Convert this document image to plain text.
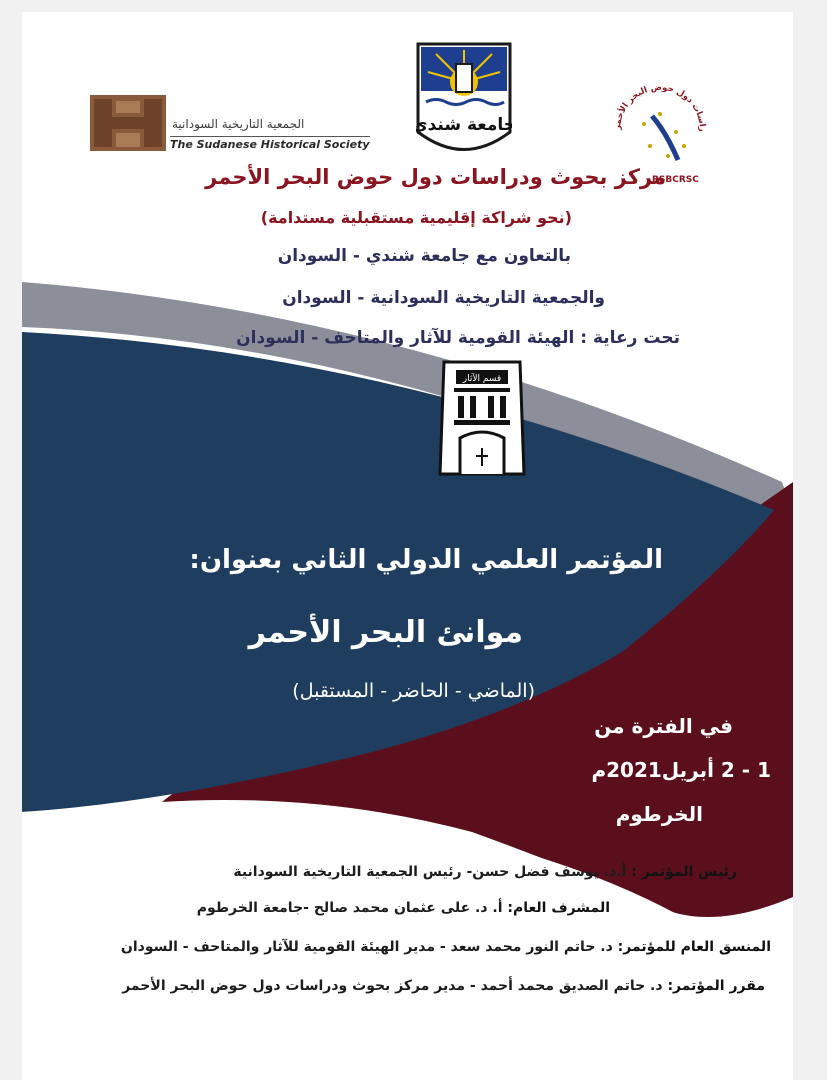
الجمعية التاريخية السودانية
The Sudanese Historical Society
جامعة شندي	راسات دول حوض البحر الأحمر
RSBCRSC
مركز بحوث ودراسات دول حوض البحر الأحمر
(نحو شراكة إقليمية مستقبلية مستدامة)
بالتعاون مع جامعة شندي - السودان
والجمعية التاريخية السودانية - السودان
تحت رعاية : الهيئة القومية للآثار والمتاحف - السودان
قسم الآثار
المؤتمر العلمي الدولي الثاني بعنوان:
موانئ البحر الأحمر
(الماضي - الحاضر - المستقبل)
في الفترة من
1 - 2 أبريل2021م
الخرطوم
رئيس المؤتمر : أ.د. يوسف فضل حسن- رئيس الجمعية التاريخية السودانية
المشرف العام: أ. د. على عثمان محمد صالح -جامعة الخرطوم
المنسق العام للمؤتمر: د. حاتم النور محمد سعد - مدير الهيئة القومية للآثار والمتاحف - السودان
مقرر المؤتمر: د. حاتم الصديق محمد أحمد - مدير مركز بحوث ودراسات دول حوض البحر الأحمر
